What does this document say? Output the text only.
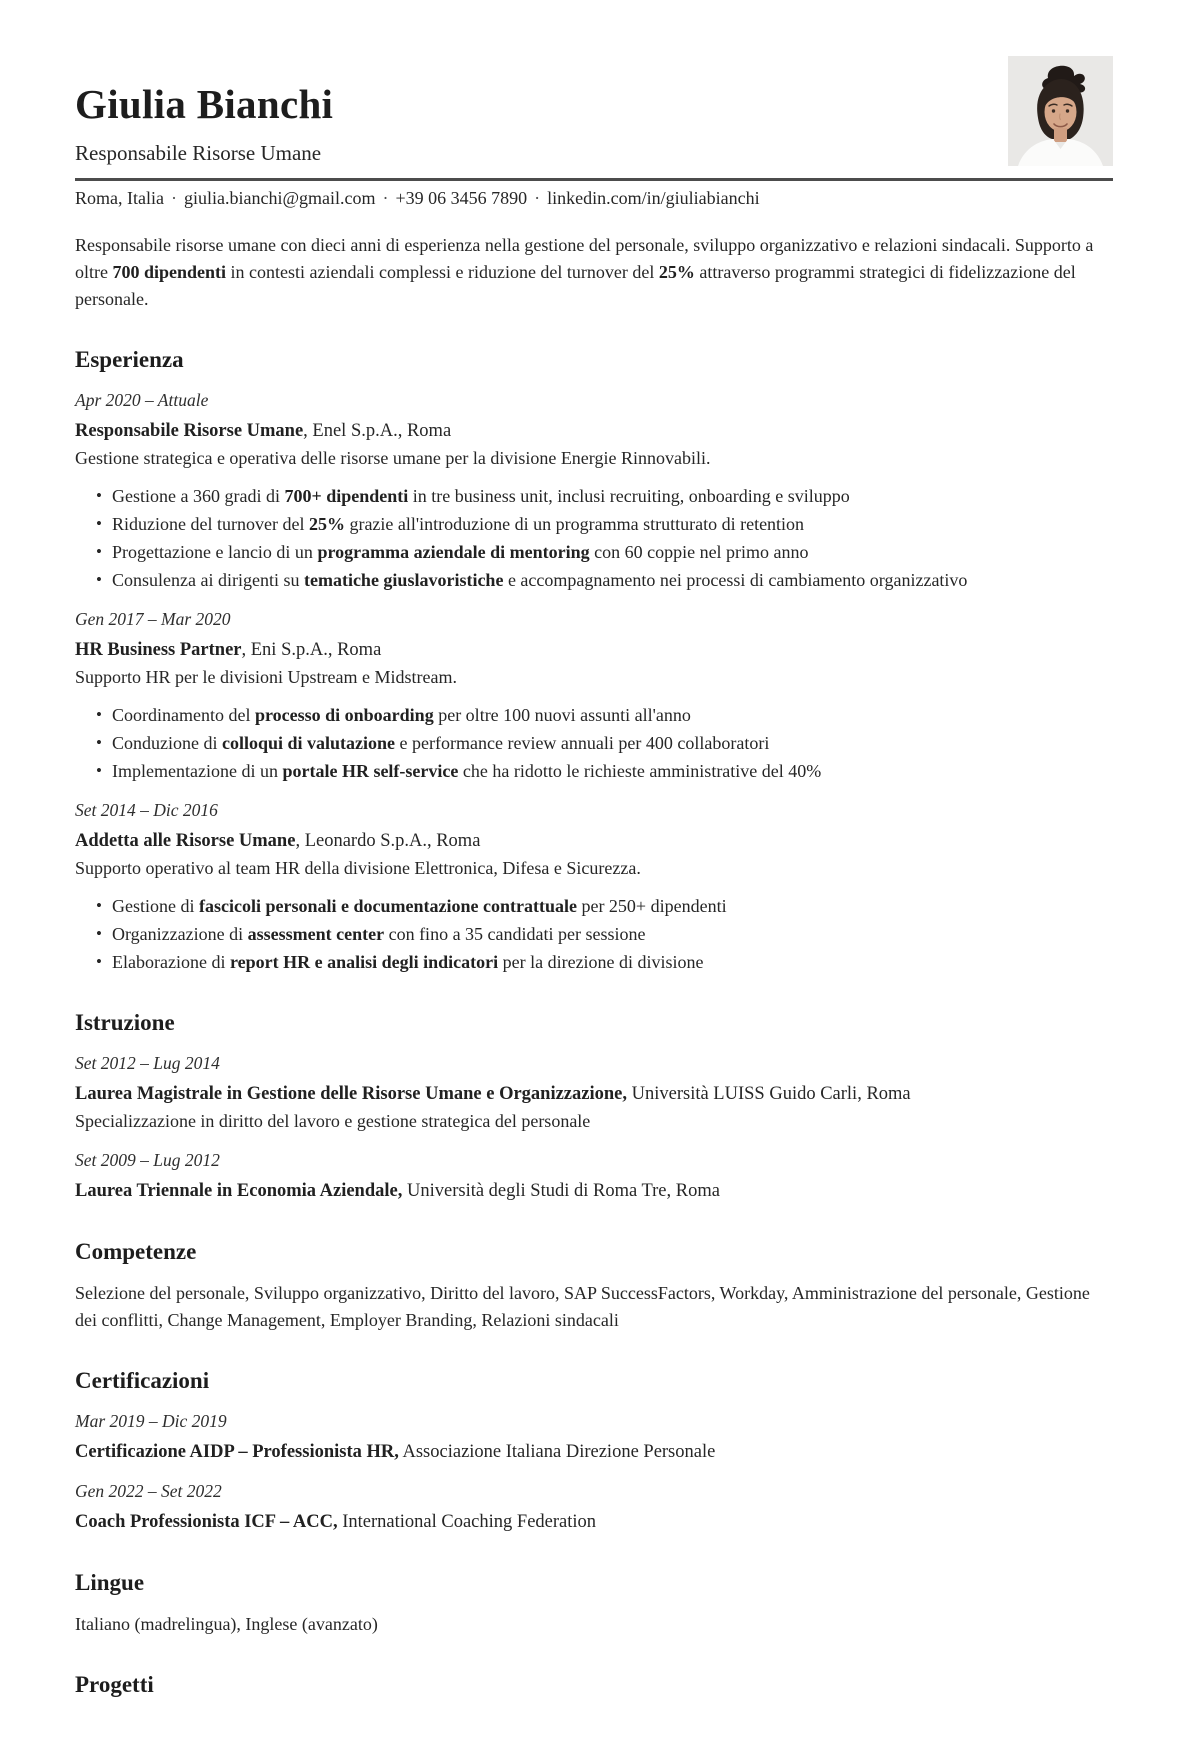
Giulia Bianchi
Responsabile Risorse Umane
Roma, Italia · giulia.bianchi@gmail.com · +39 06 3456 7890 · linkedin.com/in/giuliabianchi

Responsabile risorse umane con dieci anni di esperienza nella gestione del personale, sviluppo organizzativo e relazioni sindacali. Supporto a oltre 700 dipendenti in contesti aziendali complessi e riduzione del turnover del 25% attraverso programmi strategici di fidelizzazione del personale.

Esperienza
Apr 2020 – Attuale
Responsabile Risorse Umane, Enel S.p.A., Roma
Gestione strategica e operativa delle risorse umane per la divisione Energie Rinnovabili.
• Gestione a 360 gradi di 700+ dipendenti in tre business unit, inclusi recruiting, onboarding e sviluppo
• Riduzione del turnover del 25% grazie all'introduzione di un programma strutturato di retention
• Progettazione e lancio di un programma aziendale di mentoring con 60 coppie nel primo anno
• Consulenza ai dirigenti su tematiche giuslavoristiche e accompagnamento nei processi di cambiamento organizzativo
Gen 2017 – Mar 2020
HR Business Partner, Eni S.p.A., Roma
Supporto HR per le divisioni Upstream e Midstream.
• Coordinamento del processo di onboarding per oltre 100 nuovi assunti all'anno
• Conduzione di colloqui di valutazione e performance review annuali per 400 collaboratori
• Implementazione di un portale HR self-service che ha ridotto le richieste amministrative del 40%
Set 2014 – Dic 2016
Addetta alle Risorse Umane, Leonardo S.p.A., Roma
Supporto operativo al team HR della divisione Elettronica, Difesa e Sicurezza.
• Gestione di fascicoli personali e documentazione contrattuale per 250+ dipendenti
• Organizzazione di assessment center con fino a 35 candidati per sessione
• Elaborazione di report HR e analisi degli indicatori per la direzione di divisione
Istruzione
Set 2012 – Lug 2014
Laurea Magistrale in Gestione delle Risorse Umane e Organizzazione, Università LUISS Guido Carli, Roma
Specializzazione in diritto del lavoro e gestione strategica del personale
Set 2009 – Lug 2012
Laurea Triennale in Economia Aziendale, Università degli Studi di Roma Tre, Roma
Competenze

Selezione del personale, Sviluppo organizzativo, Diritto del lavoro, SAP SuccessFactors, Workday, Amministrazione del personale, Gestione dei conflitti, Change Management, Employer Branding, Relazioni sindacali

Certificazioni
Mar 2019 – Dic 2019
Certificazione AIDP – Professionista HR, Associazione Italiana Direzione Personale
Gen 2022 – Set 2022
Coach Professionista ICF – ACC, International Coaching Federation
Lingue

Italiano (madrelingua), Inglese (avanzato)

Progetti
